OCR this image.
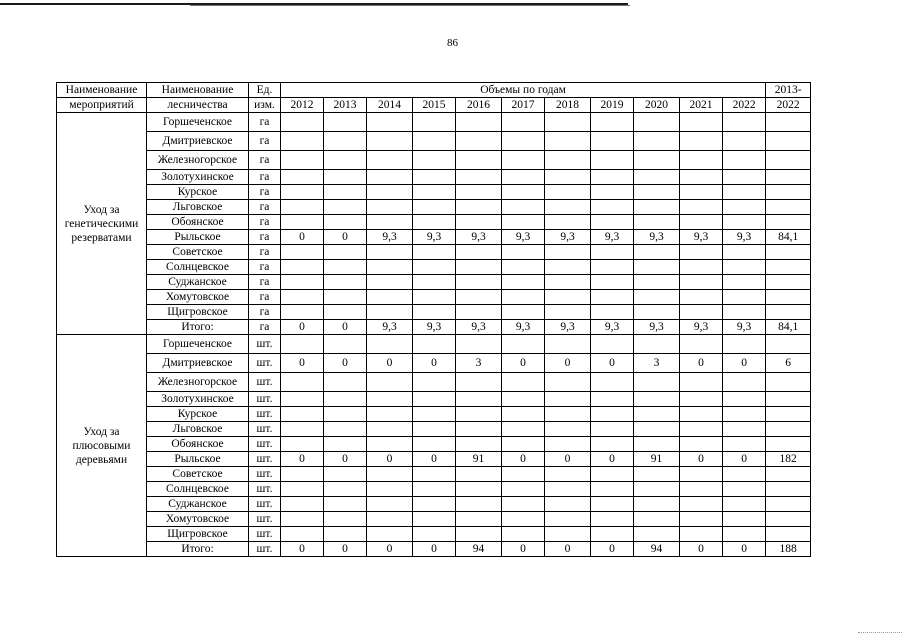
86
Наименование	Наименование	Ед.	Объемы по годам											2013-
мероприятий	лесничества	изм.	2012	2013	2014	2015	2016	2017	2018	2019	2020	2021	2022	2022
Уход за генетическими резерватами	Горшеченское	га												
	Дмитриевское	га												
	Железногорское	га												
	Золотухинское	га												
	Курское	га												
	Льговское	га												
	Обоянское	га												
	Рыльское	га	0	0	9,3	9,3	9,3	9,3	9,3	9,3	9,3	9,3	9,3	84,1
	Советское	га												
	Солнцевское	га												
	Суджанское	га												
	Хомутовское	га												
	Щигровское	га												
	Итого:	га	0	0	9,3	9,3	9,3	9,3	9,3	9,3	9,3	9,3	9,3	84,1
Уход за плюсовыми деревьями	Горшеченское	шт.												
	Дмитриевское	шт.	0	0	0	0	3	0	0	0	3	0	0	6
	Железногорское	шт.												
	Золотухинское	шт.												
	Курское	шт.												
	Льговское	шт.												
	Обоянское	шт.												
	Рыльское	шт.	0	0	0	0	91	0	0	0	91	0	0	182
	Советское	шт.												
	Солнцевское	шт.												
	Суджанское	шт.												
	Хомутовское	шт.												
	Щигровское	шт.												
	Итого:	шт.	0	0	0	0	94	0	0	0	94	0	0	188
